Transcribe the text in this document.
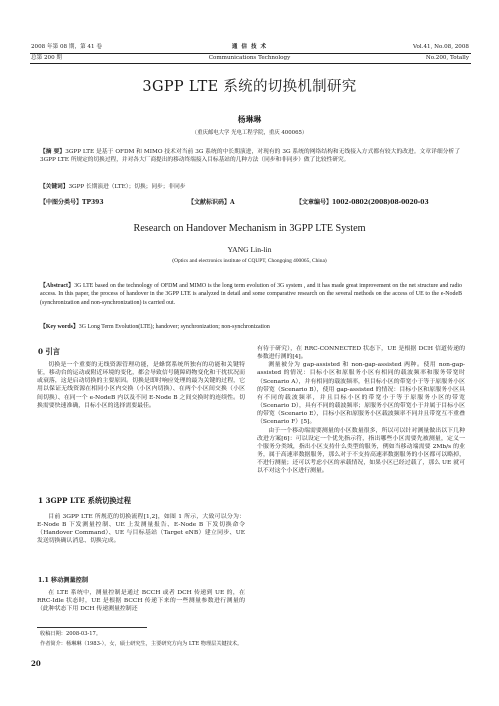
2008 年第 08 期，第 41 卷
总第 200 期
通 信 技 术
Communications Technology
Vol.41, No.08, 2008
No.200, Totally
3GPP LTE 系统的切换机制研究
杨琳琳
（重庆邮电大学 光电工程学院，重庆 400065）
【摘 要】3GPP LTE 是基于 OFDM 和 MIMO 技术对当前 3G 系统的中长期演进，对现有的 3G 系统的网络结构和无线接入方式都有较大的改进。文章详细分析了 3GPP LTE 所规定的切换过程，并对各大厂商提出的移动终端接入目标基站的几种方法（同步和非同步）做了比较性研究。
【关键词】3GPP 长期演进（LTE）；切换；同步；非同步
【中图分类号】TP393	【文献标识码】A	【文章编号】1002-0802(2008)08-0020-03
Research on Handover Mechanism in 3GPP LTE System
YANG Lin-lin
(Optics and electronics institute of CQUPT, Chongqing 400065, China)
【Abstract】3G LTE based on the technology of OFDM and MIMO is the long term evolution of 3G system , and it has made great improvement on the net structure and radio access. In this paper, the process of handover in the 3GPP LTE is analyzed in detail and some comparative research on the several methods on the access of UE to the e-NodeB (synchronization and non-synchronization) is carried out.
【Key words】3G Long Term Evolution(LTE); handover; synchronization; non-synchronization
0 引言

切换是一个重要的无线资源管理功能，是蜂窝系统所独有的功能和关键特征，移动台的运动或附近环境的变化，都会导致信号随障碍物变化和干扰状况而或衰落，这是启动切换的主要原因。切换是即时响应处理的最为关键的过程，它用以保证无线资源在相同小区内交换（小区内切换）、在两个小区间交换（小区间切换）、在同一个 e-NodeB 内以及不同 E-Node B 之间交换时的连续性。切换需要快速准确，目标小区的选择需要最佳。

1 3GPP LTE 系统切换过程

目前 3GPP LTE 所规范的切换流程[1,2]，如图 1 所示，大致可以分为：E-Node B 下发测量控制、UE 上发测量报告、E-Node B 下发切换命令（Handover Command）、UE 与目标基站（Target eNB）建立同步、UE 发送切换确认消息、切换完成。

1.1 移动测量控制

在 LTE 系统中，测量控制是通过 BCCH 或者 DCH 传递到 UE 的，在 RRC-Idle 状态时，UE 是根据 BCCH 传递下来的一些测量参数进行测量的（此种状态下用 DCH 传递测量控制还

收稿日期：2008-03-17。
作者简介：杨琳琳（1983-），女，硕士研究生，主要研究方向为 LTE 物理层关键技术。
20

有待于研究），在 RRC-CONNECTED 状态下，UE 是根据 DCH 信道传递的参数进行测的[4]。

测量被分为 gap-assisted 和 non-gap-assisted 两种。使用 non-gap-assisted 的情况：目标小区和原服务小区有相同的载波频率和服务带宽时（Scenario A），并有相同的载波频率，但目标小区的带宽小于等于原服务小区的带宽（Scenario B），使用 gap-assisted 的情况：目标小区和原服务小区具有不同的载波频率，并且目标小区的带宽小于等于原服务小区的带宽（Scenario D），具有不同的载波频率；原服务小区的带宽小于并属于目标小区的带宽（Scenario E），目标小区和原服务小区载波频率不同并且带宽互不重叠（Scenario F）[5]。

由于一个移动端需要测量的小区数量很多，所以可以针对测量做出以下几种改进方案[6]：可以设定一个优先指示符，指出哪些小区需要先被测量，定义一个服务分类域，指出小区支持什么类型的服务，例如当移动端需要 2Mb/s 的业务，属于高速率数据服务，那么对于不支持高速率数据服务的小区都可以略掉，不进行测量；还可以考虑小区的承载情况，如果小区已经过载了，那么 UE 就可以不对这个小区进行测量。
